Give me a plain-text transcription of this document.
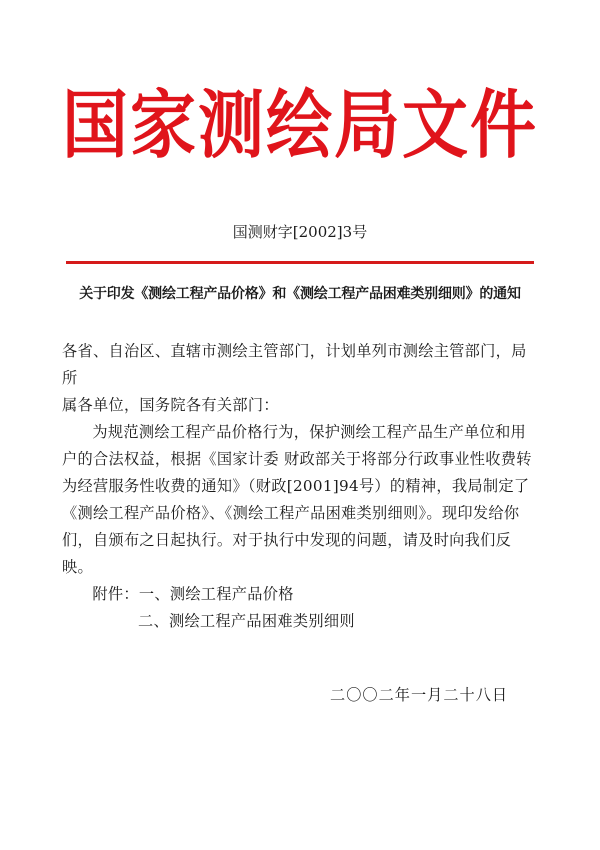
国家测绘局文件
国测财字[2002]3号
关于印发《测绘工程产品价格》和《测绘工程产品困难类别细则》的通知

各省、自治区、直辖市测绘主管部门，计划单列市测绘主管部门，局所

属各单位，国务院各有关部门：

为规范测绘工程产品价格行为，保护测绘工程产品生产单位和用户的合法权益，根据《国家计委 财政部关于将部分行政事业性收费转为经营服务性收费的通知》（财政[2001]94号）的精神，我局制定了《测绘工程产品价格》、《测绘工程产品困难类别细则》。现印发给你们，自颁布之日起执行。对于执行中发现的问题，请及时向我们反映。

附件：一、测绘工程产品价格

二、测绘工程产品困难类别细则

二〇〇二年一月二十八日
